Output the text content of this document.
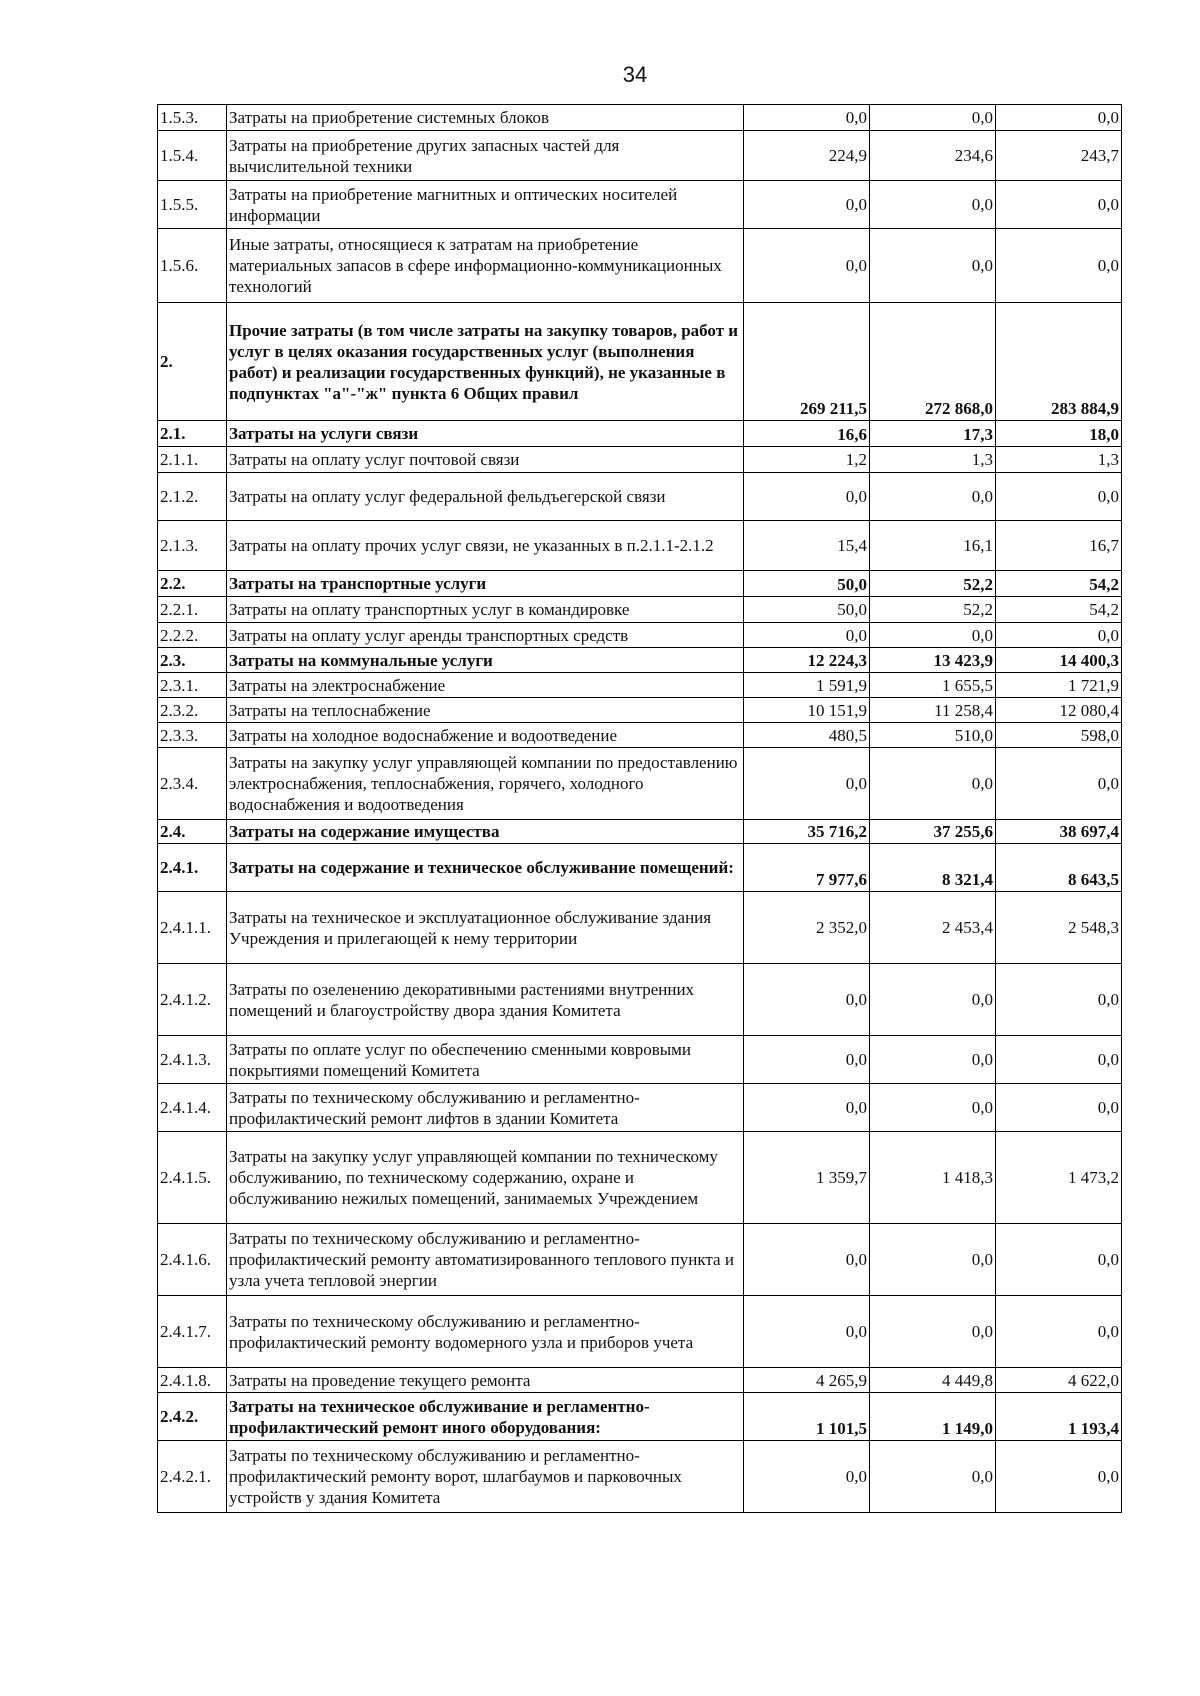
34
1.5.3.	Затраты на приобретение системных блоков	0,0	0,0	0,0
1.5.4.	Затраты на приобретение других запасных частей для вычислительной техники	224,9	234,6	243,7
1.5.5.	Затраты на приобретение магнитных и оптических носителей информации	0,0	0,0	0,0
1.5.6.	Иные затраты, относящиеся к затратам на приобретение материальных запасов в сфере информационно-коммуникационных технологий	0,0	0,0	0,0
2.	Прочие затраты (в том числе затраты на закупку товаров, работ и услуг в целях оказания государственных услуг (выполнения работ) и реализации государственных функций), не указанные в подпунктах "а"-"ж" пункта 6 Общих правил	269 211,5	272 868,0	283 884,9
2.1.	Затраты на услуги связи	16,6	17,3	18,0
2.1.1.	Затраты на оплату услуг почтовой связи	1,2	1,3	1,3
2.1.2.	Затраты на оплату услуг федеральной фельдъегерской связи	0,0	0,0	0,0
2.1.3.	Затраты на оплату прочих услуг связи, не указанных в п.2.1.1-2.1.2	15,4	16,1	16,7
2.2.	Затраты на транспортные услуги	50,0	52,2	54,2
2.2.1.	Затраты на оплату транспортных услуг в командировке	50,0	52,2	54,2
2.2.2.	Затраты на оплату услуг аренды транспортных средств	0,0	0,0	0,0
2.3.	Затраты на коммунальные услуги	12 224,3	13 423,9	14 400,3
2.3.1.	Затраты на электроснабжение	1 591,9	1 655,5	1 721,9
2.3.2.	Затраты на теплоснабжение	10 151,9	11 258,4	12 080,4
2.3.3.	Затраты на холодное водоснабжение и водоотведение	480,5	510,0	598,0
2.3.4.	Затраты на закупку услуг управляющей компании по предоставлению электроснабжения, теплоснабжения, горячего, холодного водоснабжения и водоотведения	0,0	0,0	0,0
2.4.	Затраты на содержание имущества	35 716,2	37 255,6	38 697,4
2.4.1.	Затраты на содержание и техническое обслуживание помещений:	7 977,6	8 321,4	8 643,5
2.4.1.1.	Затраты на техническое и эксплуатационное обслуживание здания Учреждения и прилегающей к нему территории	2 352,0	2 453,4	2 548,3
2.4.1.2.	Затраты по озеленению декоративными растениями внутренних помещений и благоустройству двора здания Комитета	0,0	0,0	0,0
2.4.1.3.	Затраты по оплате услуг по обеспечению сменными ковровыми покрытиями помещений Комитета	0,0	0,0	0,0
2.4.1.4.	Затраты по техническому обслуживанию и регламентно-профилактический ремонт лифтов в здании Комитета	0,0	0,0	0,0
2.4.1.5.	Затраты на закупку услуг управляющей компании по техническому обслуживанию, по техническому содержанию, охране и обслуживанию нежилых помещений, занимаемых Учреждением	1 359,7	1 418,3	1 473,2
2.4.1.6.	Затраты по техническому обслуживанию и регламентно-профилактический ремонту автоматизированного теплового пункта и узла учета тепловой энергии	0,0	0,0	0,0
2.4.1.7.	Затраты по техническому обслуживанию и регламентно-профилактический ремонту водомерного узла и приборов учета	0,0	0,0	0,0
2.4.1.8.	Затраты на проведение текущего ремонта	4 265,9	4 449,8	4 622,0
2.4.2.	Затраты на техническое обслуживание и регламентно-профилактический ремонт иного оборудования:	1 101,5	1 149,0	1 193,4
2.4.2.1.	Затраты по техническому обслуживанию и регламентно-профилактический ремонту ворот, шлагбаумов и парковочных устройств у здания Комитета	0,0	0,0	0,0
